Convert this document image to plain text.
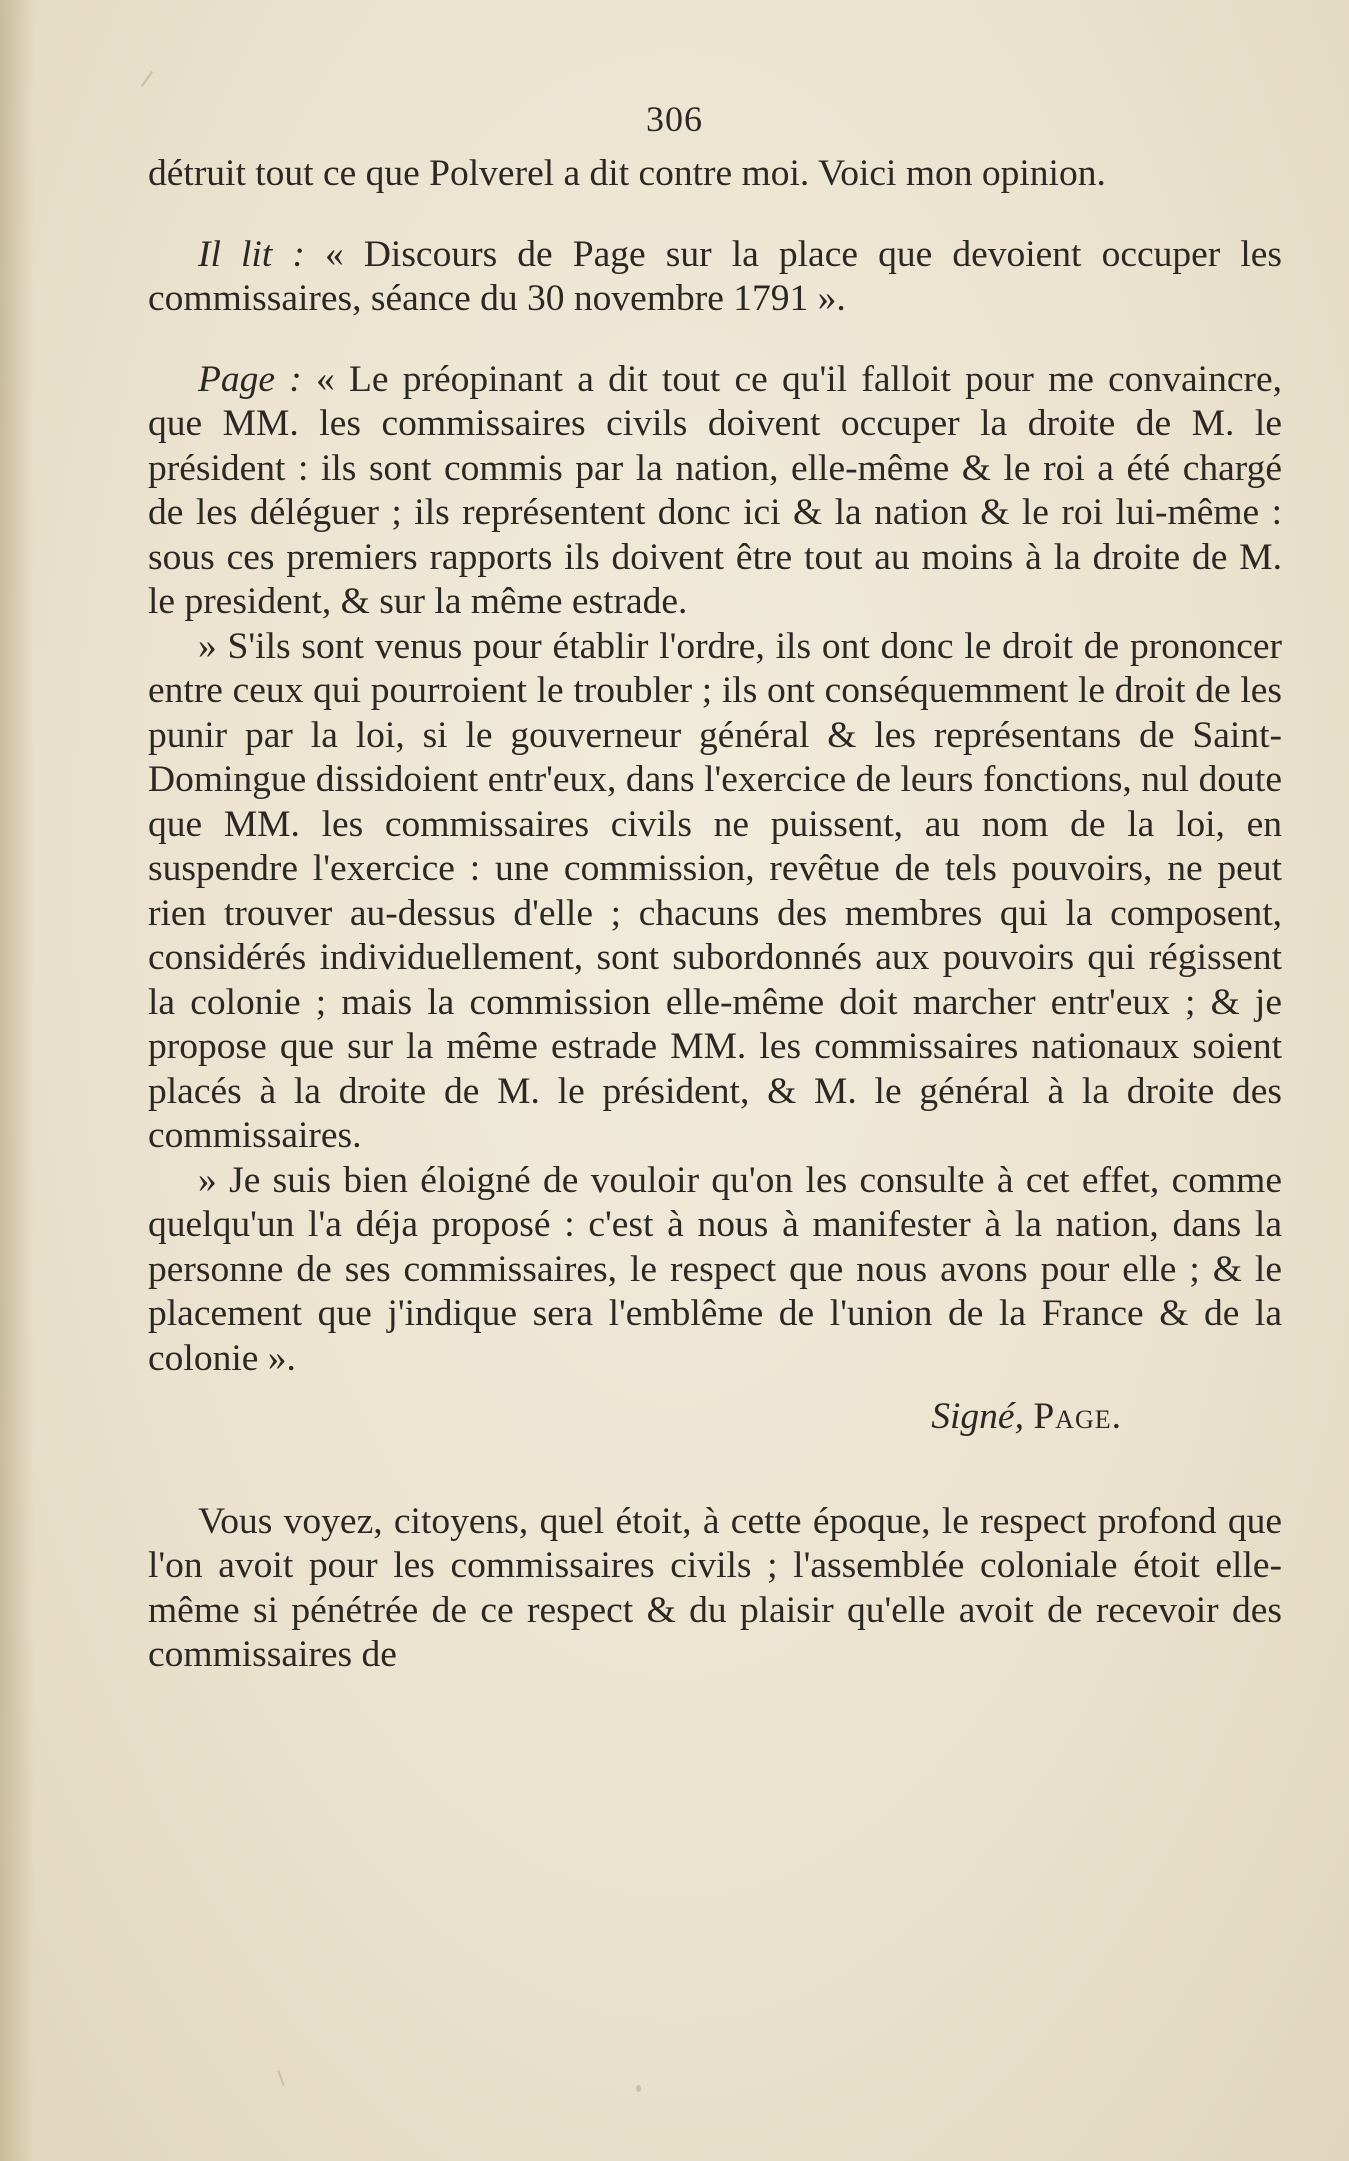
306

détruit tout ce que Polverel a dit contre moi. Voici mon opinion.

Il lit : « Discours de Page sur la place que devoient occuper les commissaires, séance du 30 novembre 1791 ».

Page : « Le préopinant a dit tout ce qu'il falloit pour me convaincre, que MM. les commissaires civils doivent occuper la droite de M. le président : ils sont commis par la nation, elle-même & le roi a été chargé de les déléguer ; ils représentent donc ici & la nation & le roi lui-même : sous ces premiers rapports ils doivent être tout au moins à la droite de M. le president, & sur la même estrade.

» S'ils sont venus pour établir l'ordre, ils ont donc le droit de prononcer entre ceux qui pourroient le troubler ; ils ont conséquemment le droit de les punir par la loi, si le gouverneur général & les représentans de Saint-Domingue dissidoient entr'eux, dans l'exercice de leurs fonctions, nul doute que MM. les commissaires civils ne puissent, au nom de la loi, en suspendre l'exercice : une commission, revêtue de tels pouvoirs, ne peut rien trouver au-dessus d'elle ; chacuns des membres qui la composent, considérés individuellement, sont subordonnés aux pouvoirs qui régissent la colonie ; mais la commission elle-même doit marcher entr'eux ; & je propose que sur la même estrade MM. les commissaires nationaux soient placés à la droite de M. le président, & M. le général à la droite des commissaires.

» Je suis bien éloigné de vouloir qu'on les consulte à cet effet, comme quelqu'un l'a déja proposé : c'est à nous à manifester à la nation, dans la personne de ses commissaires, le respect que nous avons pour elle ; & le placement que j'indique sera l'emblême de l'union de la France & de la colonie ».

Signé, Page.

Vous voyez, citoyens, quel étoit, à cette époque, le respect profond que l'on avoit pour les commissaires civils ; l'assemblée coloniale étoit elle-même si pénétrée de ce respect & du plaisir qu'elle avoit de recevoir des commissaires de
